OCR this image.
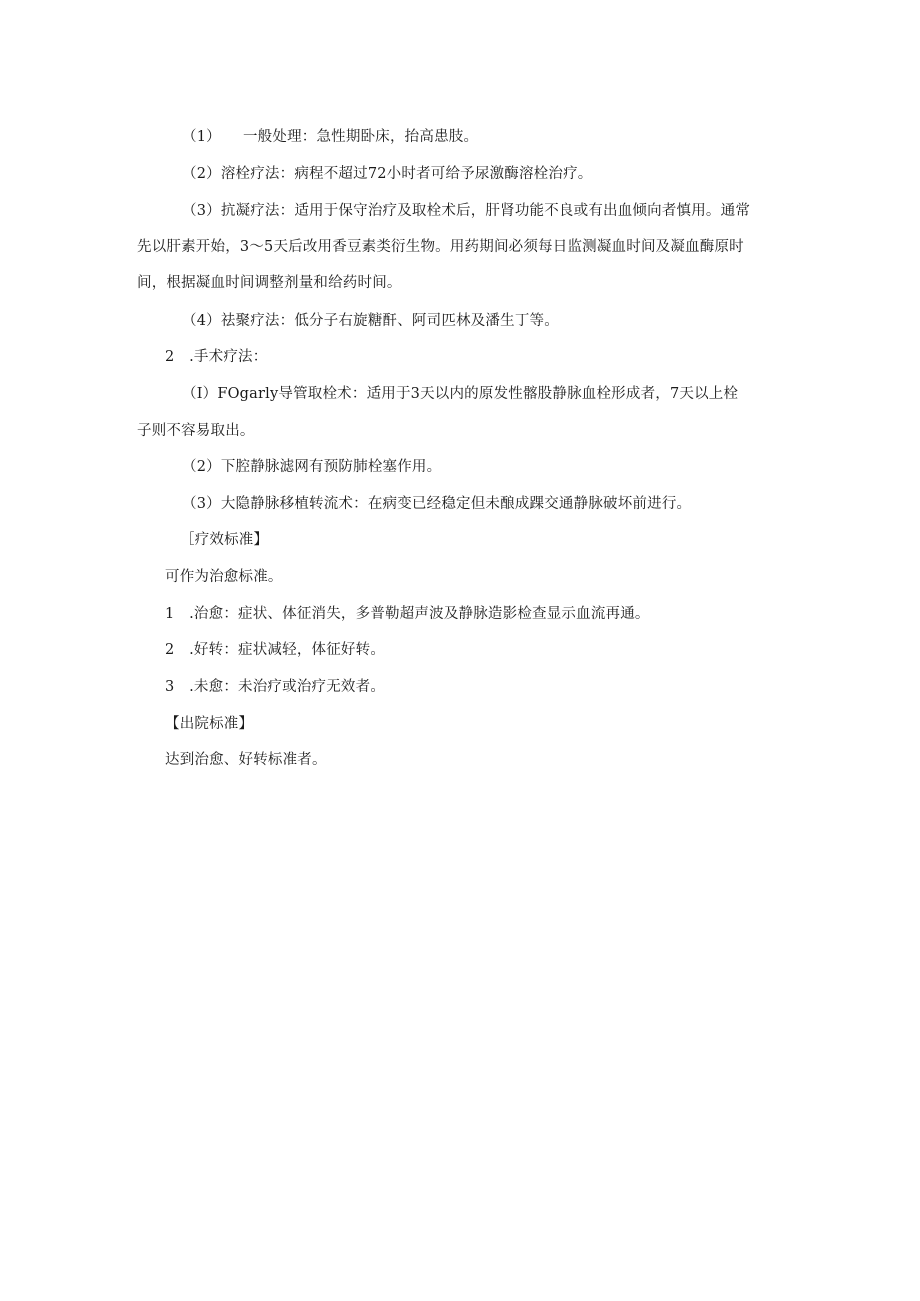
（1）　　一般处理：急性期卧床，抬高患肢。
（2）溶栓疗法：病程不超过72小时者可给予尿激酶溶栓治疗。
（3）抗凝疗法：适用于保守治疗及取栓术后，肝肾功能不良或有出血倾向者慎用。通常
先以肝素开始，3～5天后改用香豆素类衍生物。用药期间必须每日监测凝血时间及凝血酶原时
间，根据凝血时间调整剂量和给药时间。
（4）祛聚疗法：低分子右旋糖酐、阿司匹林及潘生丁等。
2　.手术疗法：
（I）FOgarly导管取栓术：适用于3天以内的原发性髂股静脉血栓形成者，7天以上栓
子则不容易取出。
（2）下腔静脉滤网有预防肺栓塞作用。
（3）大隐静脉移植转流术：在病变已经稳定但未酿成踝交通静脉破坏前进行。
［疗效标准】
可作为治愈标准。
1　.治愈：症状、体征消失，多普勒超声波及静脉造影检查显示血流再通。
2　.好转：症状减轻，体征好转。
3　.未愈：未治疗或治疗无效者。
【出院标准】
达到治愈、好转标准者。
